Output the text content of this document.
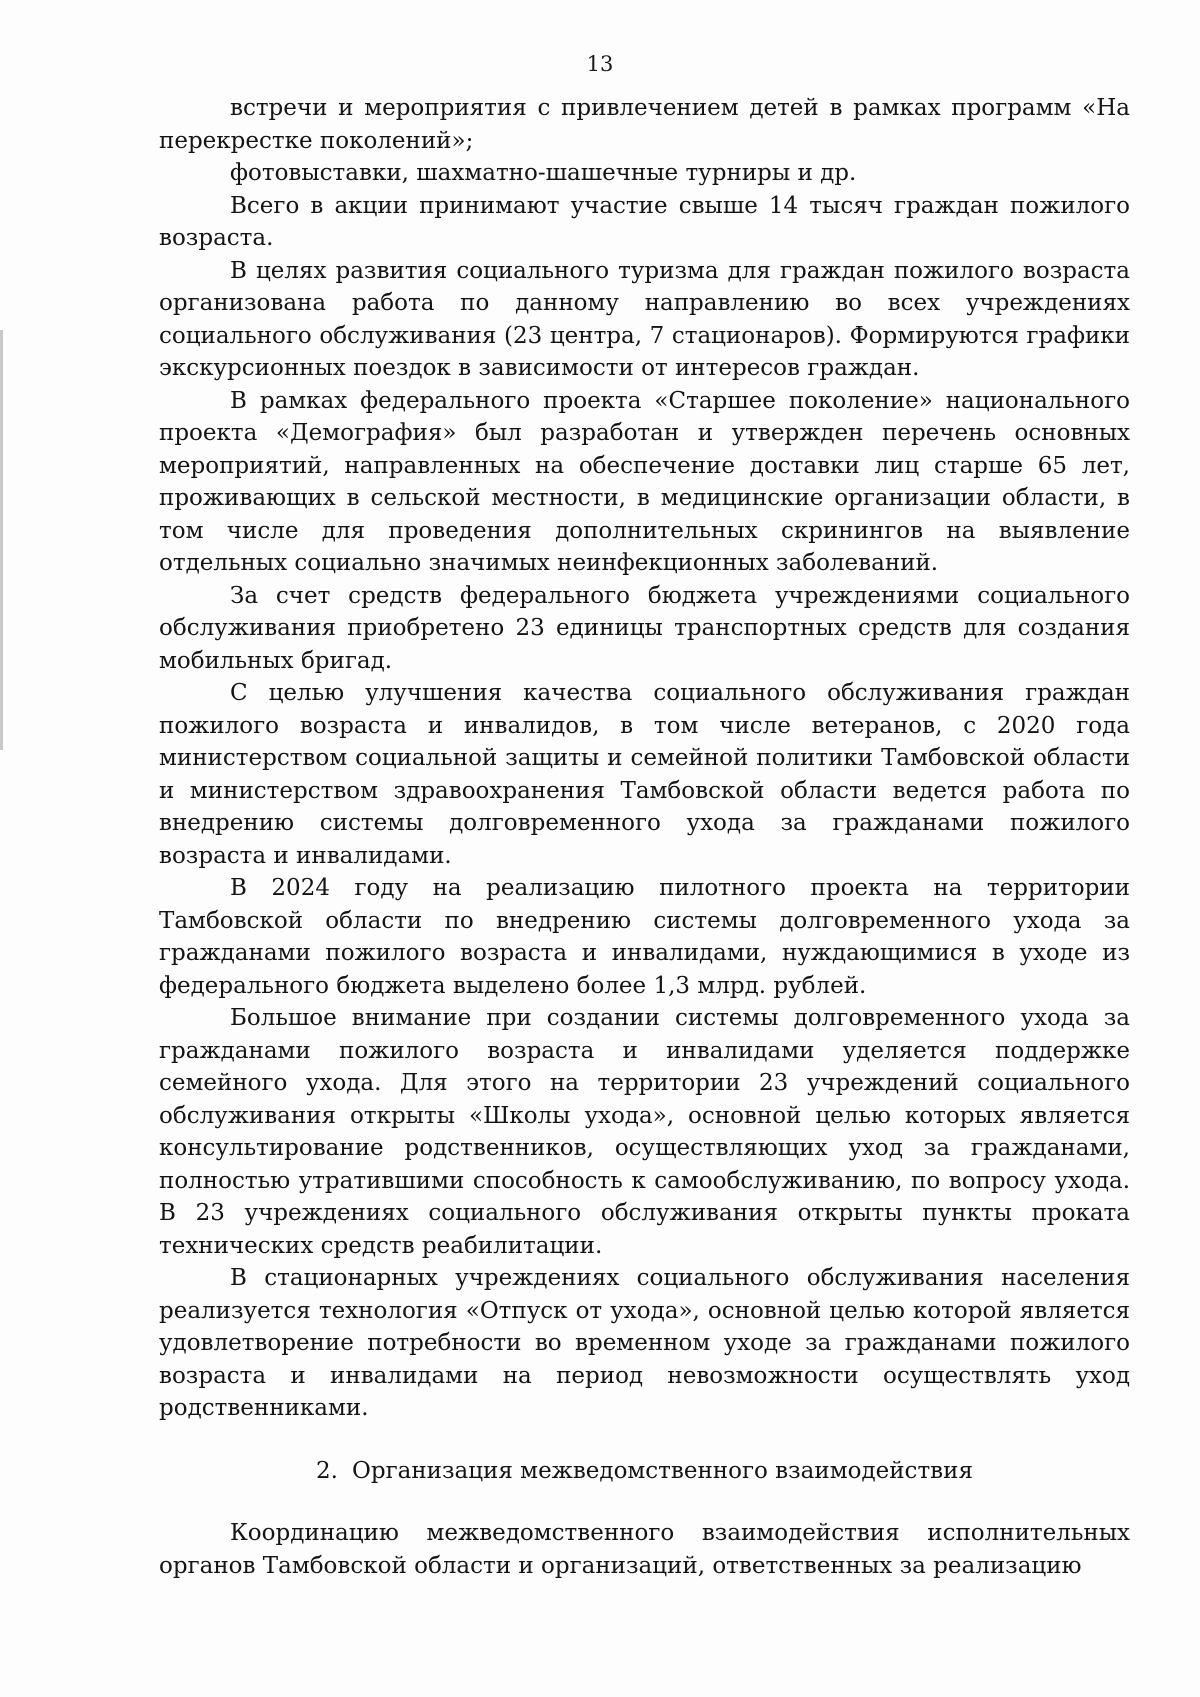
13

встречи и мероприятия с привлечением детей в рамках программ «На перекрестке поколений»;

фотовыставки, шахматно-шашечные турниры и др.

Всего в акции принимают участие свыше 14 тысяч граждан пожилого возраста.

В целях развития социального туризма для граждан пожилого возраста организована работа по данному направлению во всех учреждениях социального обслуживания (23 центра, 7 стационаров). Формируются графики экскурсионных поездок в зависимости от интересов граждан.

В рамках федерального проекта «Старшее поколение» национального проекта «Демография» был разработан и утвержден перечень основных мероприятий, направленных на обеспечение доставки лиц старше 65 лет, проживающих в сельской местности, в медицинские организации области, в том числе для проведения дополнительных скринингов на выявление отдельных социально значимых неинфекционных заболеваний.

За счет средств федерального бюджета учреждениями социального обслуживания приобретено 23 единицы транспортных средств для создания мобильных бригад.

С целью улучшения качества социального обслуживания граждан пожилого возраста и инвалидов, в том числе ветеранов, с 2020 года министерством социальной защиты и семейной политики Тамбовской области и министерством здравоохранения Тамбовской области ведется работа по внедрению системы долговременного ухода за гражданами пожилого возраста и инвалидами.

В 2024 году на реализацию пилотного проекта на территории Тамбовской области по внедрению системы долговременного ухода за гражданами пожилого возраста и инвалидами, нуждающимися в уходе из федерального бюджета выделено более 1,3 млрд. рублей.

Большое внимание при создании системы долговременного ухода за гражданами пожилого возраста и инвалидами уделяется поддержке семейного ухода. Для этого на территории 23 учреждений социального обслуживания открыты «Школы ухода», основной целью которых является консультирование родственников, осуществляющих уход за гражданами, полностью утратившими способность к самообслуживанию, по вопросу ухода. В 23 учреждениях социального обслуживания открыты пункты проката технических средств реабилитации.

В стационарных учреждениях социального обслуживания населения реализуется технология «Отпуск от ухода», основной целью которой является удовлетворение потребности во временном уходе за гражданами пожилого возраста и инвалидами на период невозможности осуществлять уход родственниками.

2. Организация межведомственного взаимодействия

Координацию межведомственного взаимодействия исполнительных органов Тамбовской области и организаций, ответственных за реализацию
